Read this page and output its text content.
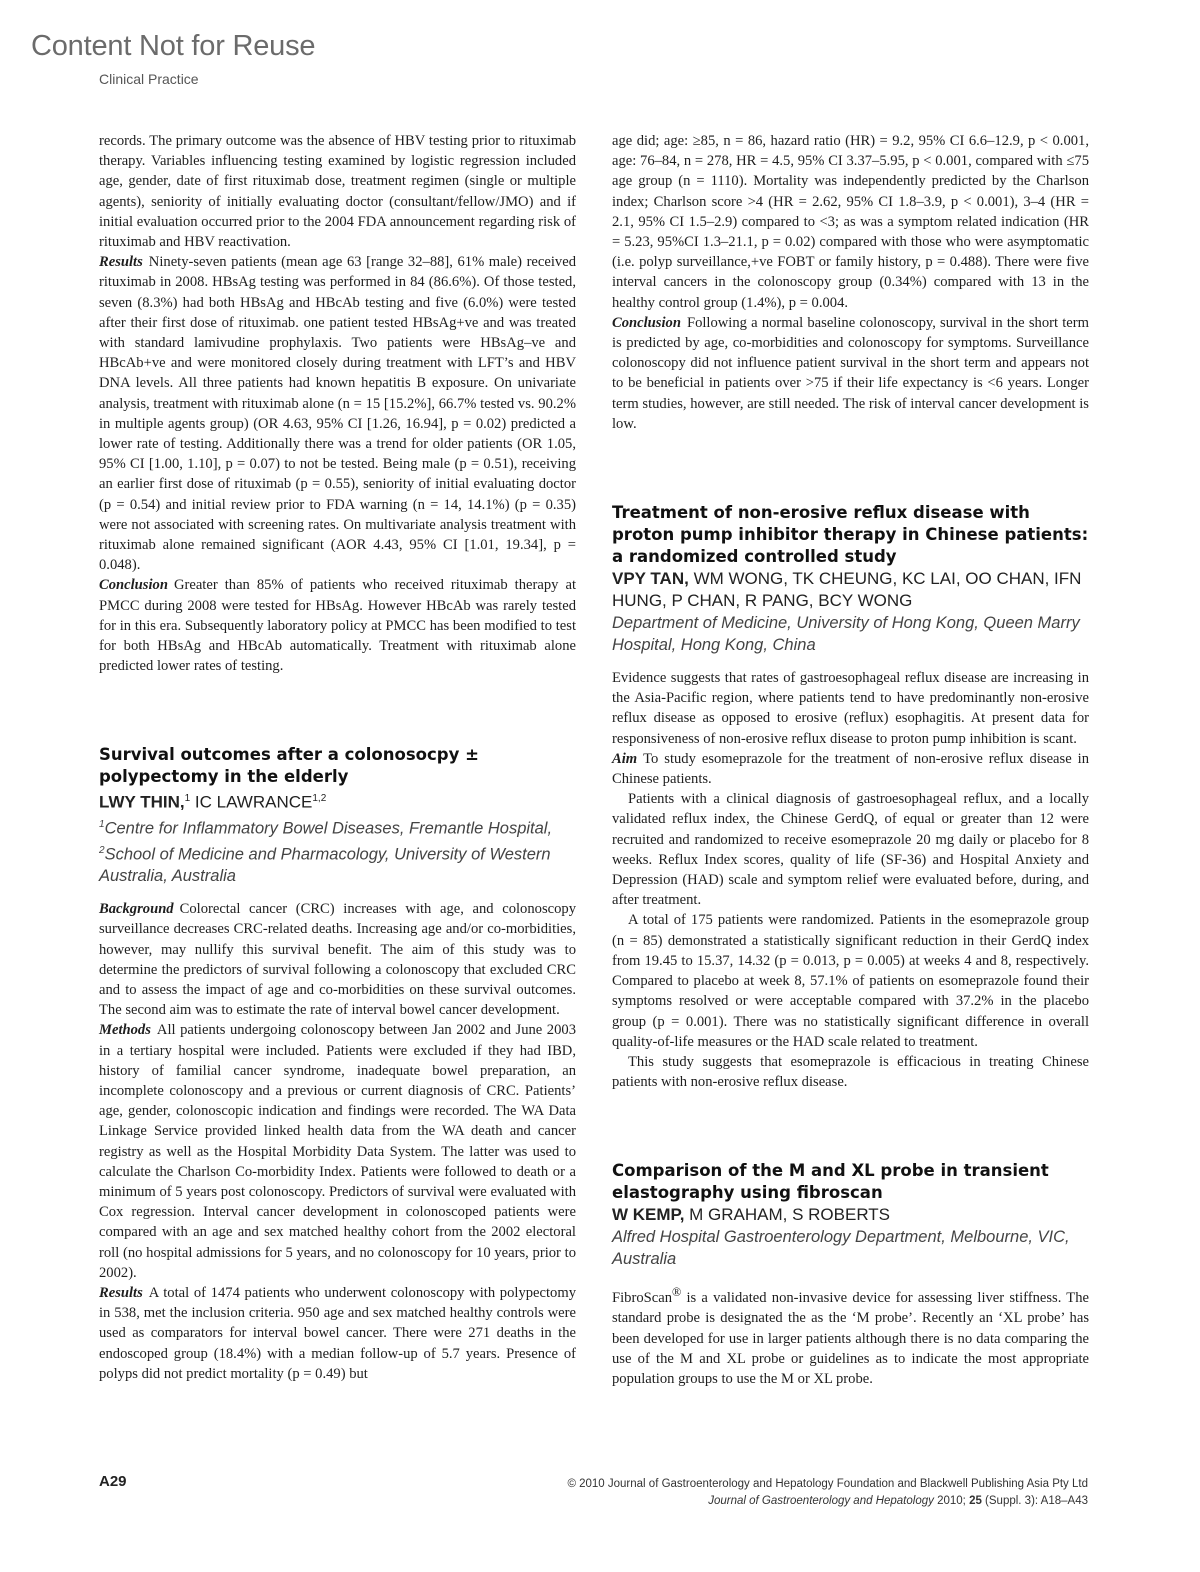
Content Not for Reuse
Clinical Practice

records. The primary outcome was the absence of HBV testing prior to rituximab therapy. Variables influencing testing examined by logistic regression included age, gender, date of first rituximab dose, treatment regimen (single or multiple agents), seniority of initially evaluating doctor (consultant/fellow/JMO) and if initial evaluation occurred prior to the 2004 FDA announcement regarding risk of rituximab and HBV reactivation.

Results Ninety-seven patients (mean age 63 [range 32–88], 61% male) received rituximab in 2008. HBsAg testing was performed in 84 (86.6%). Of those tested, seven (8.3%) had both HBsAg and HBcAb testing and five (6.0%) were tested after their first dose of rituximab. one patient tested HBsAg+ve and was treated with standard lamivudine prophylaxis. Two patients were HBsAg–ve and HBcAb+ve and were monitored closely during treatment with LFT’s and HBV DNA levels. All three patients had known hepatitis B exposure. On univariate analysis, treatment with rituximab alone (n = 15 [15.2%], 66.7% tested vs. 90.2% in multiple agents group) (OR 4.63, 95% CI [1.26, 16.94], p = 0.02) predicted a lower rate of testing. Additionally there was a trend for older patients (OR 1.05, 95% CI [1.00, 1.10], p = 0.07) to not be tested. Being male (p = 0.51), receiving an earlier first dose of rituximab (p = 0.55), seniority of initial evaluating doctor (p = 0.54) and initial review prior to FDA warning (n = 14, 14.1%) (p = 0.35) were not associated with screening rates. On multivariate analysis treatment with rituximab alone remained significant (AOR 4.43, 95% CI [1.01, 19.34], p = 0.048).

Conclusion Greater than 85% of patients who received rituximab therapy at PMCC during 2008 were tested for HBsAg. However HBcAb was rarely tested for in this era. Subsequently laboratory policy at PMCC has been modified to test for both HBsAg and HBcAb automatically. Treatment with rituximab alone predicted lower rates of testing.

Survival outcomes after a colonosocpy ± polypectomy in the elderly
LWY THIN,$^1$ IC LAWRANCE$^{1,2}$
$^1$Centre for Inflammatory Bowel Diseases, Fremantle Hospital, $^2$School of Medicine and Pharmacology, University of Western Australia, Australia

Background Colorectal cancer (CRC) increases with age, and colonoscopy surveillance decreases CRC-related deaths. Increasing age and/or co-morbidities, however, may nullify this survival benefit. The aim of this study was to determine the predictors of survival following a colonoscopy that excluded CRC and to assess the impact of age and co-morbidities on these survival outcomes. The second aim was to estimate the rate of interval bowel cancer development.

Methods All patients undergoing colonoscopy between Jan 2002 and June 2003 in a tertiary hospital were included. Patients were excluded if they had IBD, history of familial cancer syndrome, inadequate bowel preparation, an incomplete colonoscopy and a previous or current diagnosis of CRC. Patients’ age, gender, colonoscopic indication and findings were recorded. The WA Data Linkage Service provided linked health data from the WA death and cancer registry as well as the Hospital Morbidity Data System. The latter was used to calculate the Charlson Co-morbidity Index. Patients were followed to death or a minimum of 5 years post colonoscopy. Predictors of survival were evaluated with Cox regression. Interval cancer development in colonoscoped patients were compared with an age and sex matched healthy cohort from the 2002 electoral roll (no hospital admissions for 5 years, and no colonoscopy for 10 years, prior to 2002).

Results A total of 1474 patients who underwent colonoscopy with polypectomy in 538, met the inclusion criteria. 950 age and sex matched healthy controls were used as comparators for interval bowel cancer. There were 271 deaths in the endoscoped group (18.4%) with a median follow-up of 5.7 years. Presence of polyps did not predict mortality (p = 0.49) but

age did; age: ≥85, n = 86, hazard ratio (HR) = 9.2, 95% CI 6.6–12.9, p < 0.001, age: 76–84, n = 278, HR = 4.5, 95% CI 3.37–5.95, p < 0.001, compared with ≤75 age group (n = 1110). Mortality was independently predicted by the Charlson index; Charlson score >4 (HR = 2.62, 95% CI 1.8–3.9, p < 0.001), 3–4 (HR = 2.1, 95% CI 1.5–2.9) compared to <3; as was a symptom related indication (HR = 5.23, 95%CI 1.3–21.1, p = 0.02) compared with those who were asymptomatic (i.e. polyp surveillance,+ve FOBT or family history, p = 0.488). There were five interval cancers in the colonoscopy group (0.34%) compared with 13 in the healthy control group (1.4%), p = 0.004.

Conclusion Following a normal baseline colonoscopy, survival in the short term is predicted by age, co-morbidities and colonoscopy for symptoms. Surveillance colonoscopy did not influence patient survival in the short term and appears not to be beneficial in patients over >75 if their life expectancy is <6 years. Longer term studies, however, are still needed. The risk of interval cancer development is low.

Treatment of non-erosive reflux disease with proton pump inhibitor therapy in Chinese patients: a randomized controlled study
VPY TAN, WM WONG, TK CHEUNG, KC LAI, OO CHAN, IFN HUNG, P CHAN, R PANG, BCY WONG
Department of Medicine, University of Hong Kong, Queen Marry Hospital, Hong Kong, China

Evidence suggests that rates of gastroesophageal reflux disease are increasing in the Asia-Pacific region, where patients tend to have predominantly non-erosive reflux disease as opposed to erosive (reflux) esophagitis. At present data for responsiveness of non-erosive reflux disease to proton pump inhibition is scant.

Aim To study esomeprazole for the treatment of non-erosive reflux disease in Chinese patients.

Patients with a clinical diagnosis of gastroesophageal reflux, and a locally validated reflux index, the Chinese GerdQ, of equal or greater than 12 were recruited and randomized to receive esomeprazole 20 mg daily or placebo for 8 weeks. Reflux Index scores, quality of life (SF-36) and Hospital Anxiety and Depression (HAD) scale and symptom relief were evaluated before, during, and after treatment.

A total of 175 patients were randomized. Patients in the esomeprazole group (n = 85) demonstrated a statistically significant reduction in their GerdQ index from 19.45 to 15.37, 14.32 (p = 0.013, p = 0.005) at weeks 4 and 8, respectively. Compared to placebo at week 8, 57.1% of patients on esomeprazole found their symptoms resolved or were acceptable compared with 37.2% in the placebo group (p = 0.001). There was no statistically significant difference in overall quality-of-life measures or the HAD scale related to treatment.

This study suggests that esomeprazole is efficacious in treating Chinese patients with non-erosive reflux disease.

Comparison of the M and XL probe in transient elastography using fibroscan
W KEMP, M GRAHAM, S ROBERTS
Alfred Hospital Gastroenterology Department, Melbourne, VIC, Australia

FibroScan® is a validated non-invasive device for assessing liver stiffness. The standard probe is designated the as the ‘M probe’. Recently an ‘XL probe’ has been developed for use in larger patients although there is no data comparing the use of the M and XL probe or guidelines as to indicate the most appropriate population groups to use the M or XL probe.

A29	© 2010 Journal of Gastroenterology and Hepatology Foundation and Blackwell Publishing Asia Pty Ltd
Journal of Gastroenterology and Hepatology 2010; 25 (Suppl. 3): A18–A43
